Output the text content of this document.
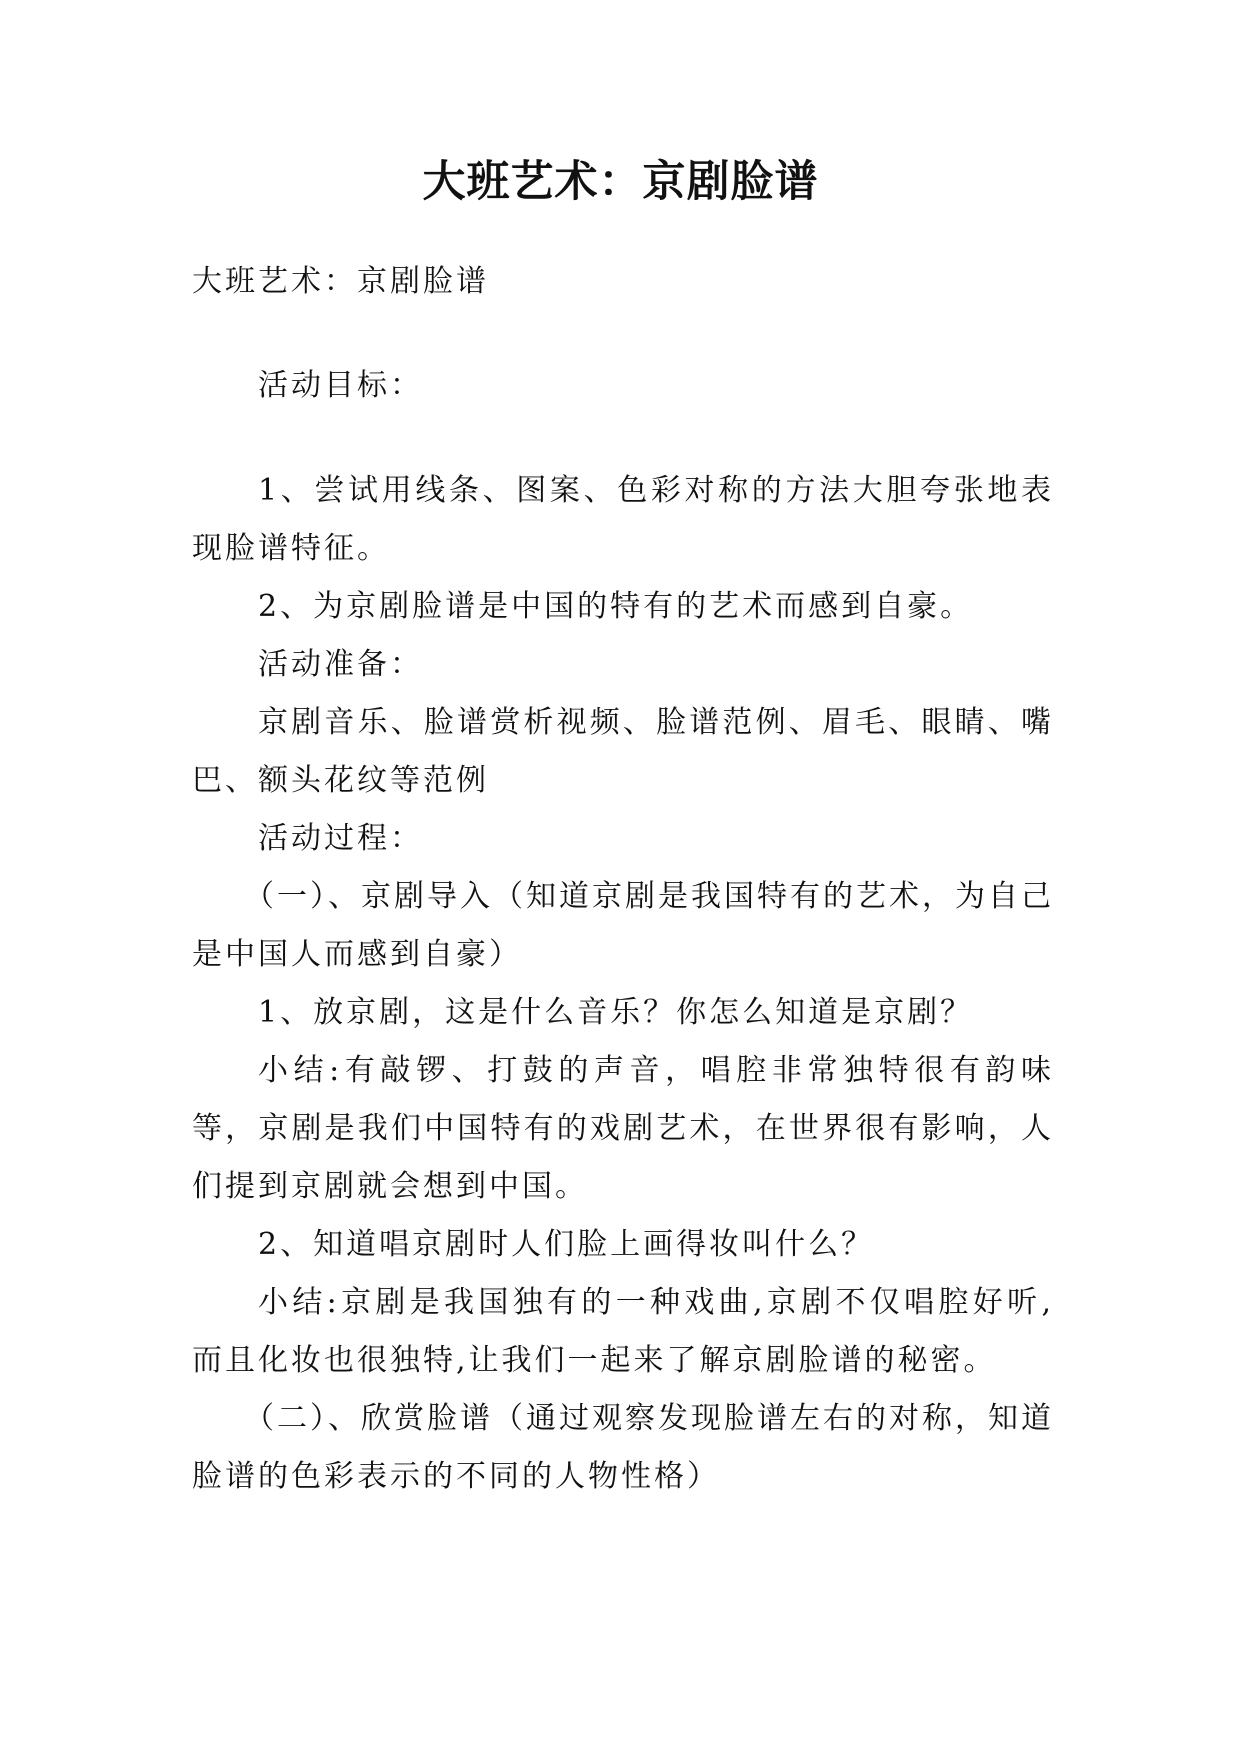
大班艺术：京剧脸谱

大班艺术：京剧脸谱

活动目标：

1、尝试用线条、图案、色彩对称的方法大胆夸张地表现脸谱特征。

2、为京剧脸谱是中国的特有的艺术而感到自豪。

活动准备：

京剧音乐、脸谱赏析视频、脸谱范例、眉毛、眼睛、嘴巴、额头花纹等范例

活动过程：

（一）、京剧导入（知道京剧是我国特有的艺术，为自己是中国人而感到自豪）

1、放京剧，这是什么音乐？你怎么知道是京剧？

小结:有敲锣、打鼓的声音，唱腔非常独特很有韵味等，京剧是我们中国特有的戏剧艺术，在世界很有影响，人们提到京剧就会想到中国。

2、知道唱京剧时人们脸上画得妆叫什么？

小结:京剧是我国独有的一种戏曲,京剧不仅唱腔好听,而且化妆也很独特,让我们一起来了解京剧脸谱的秘密。

（二）、欣赏脸谱（通过观察发现脸谱左右的对称，知道脸谱的色彩表示的不同的人物性格）
